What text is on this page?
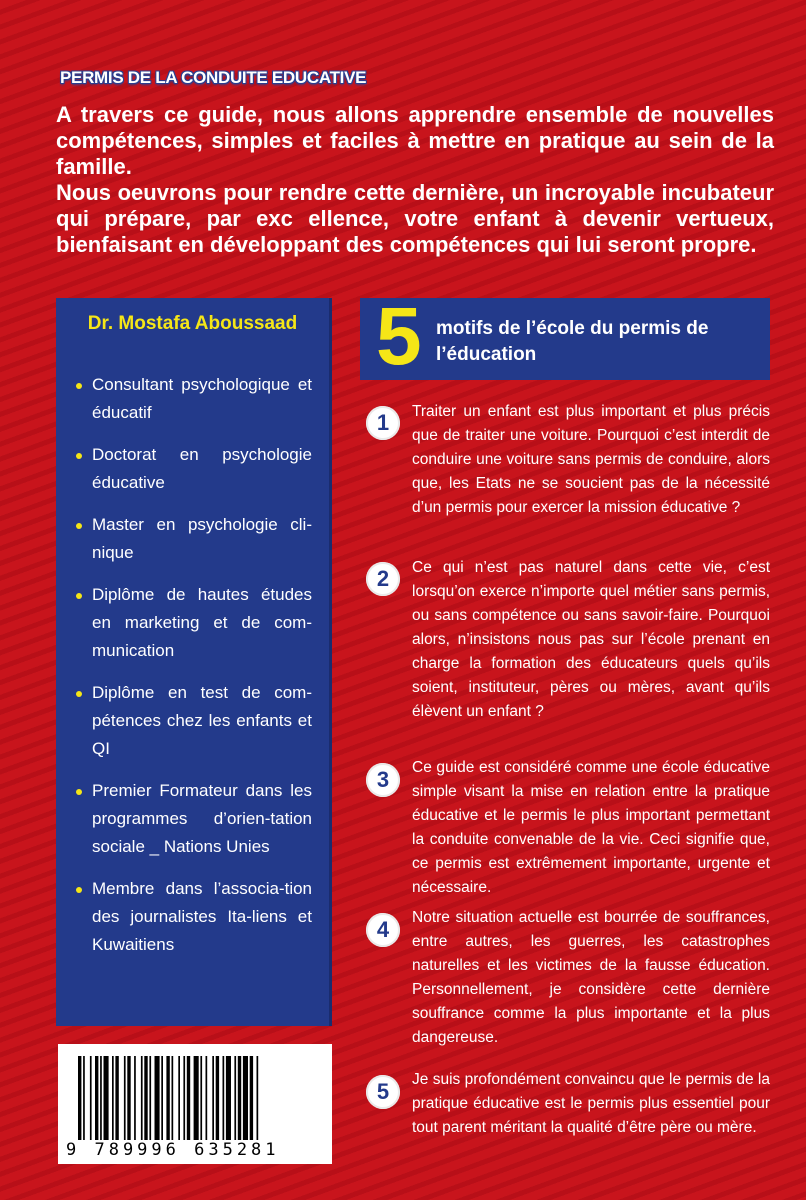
PERMIS DE LA CONDUITE EDUCATIVE

A travers ce guide, nous allons apprendre ensemble de nouvelles compétences, simples et faciles à mettre en pratique au sein de la famille.

Nous oeuvrons pour rendre cette dernière, un incroyable incubateur qui prépare, par exc ellence, votre enfant à devenir vertueux, bienfaisant en développant des compétences qui lui seront propre.

Dr. Mostafa Aboussaad
Consultant psychologique et éducatif
Doctorat en psychologie éducative
Master en psychologie cli-nique
Diplôme de hautes études en marketing et de com-munication
Diplôme en test de com-pétences chez les enfants et QI
Premier Formateur dans les programmes d’orien-tation sociale _ Nations Unies
Membre dans l’associa-tion des journalistes Ita-liens et Kuwaitiens
9 789996 635281
5 motifs de l’école du permis de l’éducation
1	Traiter un enfant est plus important et plus précis que de traiter une voiture. Pourquoi c’est interdit de conduire une voiture sans permis de conduire, alors que, les Etats ne se soucient pas de la nécessité d’un permis pour exercer la mission éducative ?

2	Ce qui n’est pas naturel dans cette vie, c’est lorsqu’on exerce n’importe quel métier sans permis, ou sans compétence ou sans savoir-faire. Pourquoi alors, n’insistons nous pas sur l’école prenant en charge la formation des éducateurs quels qu’ils soient, instituteur, pères ou mères, avant qu’ils élèvent un enfant ?

3	Ce guide est considéré comme une école éducative simple visant la mise en relation entre la pratique éducative et le permis le plus important permettant la conduite convenable de la vie. Ceci signifie que, ce permis est extrêmement importante, urgente et nécessaire.

4	Notre situation actuelle est bourrée de souffrances, entre autres, les guerres, les catastrophes naturelles et les victimes de la fausse éducation. Personnellement, je considère cette dernière souffrance comme la plus importante et la plus dangereuse.

5	Je suis profondément convaincu que le permis de la pratique éducative est le permis plus essentiel pour tout parent méritant la qualité d’être père ou mère.
